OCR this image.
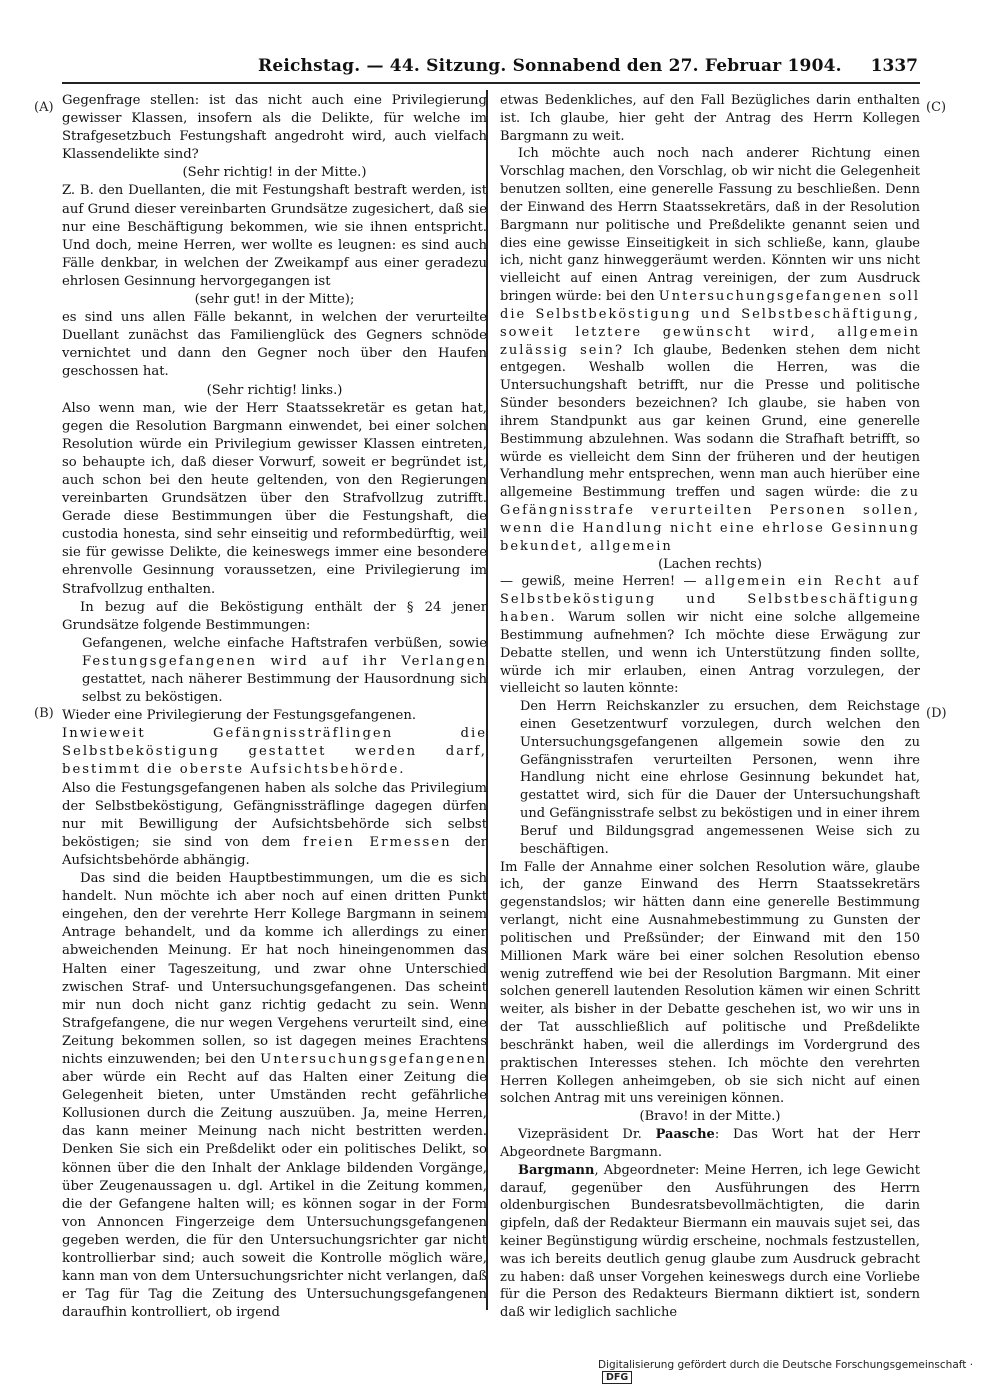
Reichstag. — 44. Sitzung. Sonnabend den 27. Februar 1904. 1337
(A)
(B)
(C)
(D)

Gegenfrage stellen: ist das nicht auch eine Privilegierung gewisser Klassen, insofern als die Delikte, für welche im Strafgesetzbuch Festungshaft angedroht wird, auch vielfach Klassendelikte sind?

(Sehr richtig! in der Mitte.)

Z. B. den Duellanten, die mit Festungshaft bestraft werden, ist auf Grund dieser vereinbarten Grundsätze zugesichert, daß sie nur eine Beschäftigung bekommen, wie sie ihnen entspricht. Und doch, meine Herren, wer wollte es leugnen: es sind auch Fälle denkbar, in welchen der Zweikampf aus einer geradezu ehrlosen Gesinnung hervorgegangen ist

(sehr gut! in der Mitte);

es sind uns allen Fälle bekannt, in welchen der verurteilte Duellant zunächst das Familienglück des Gegners schnöde vernichtet und dann den Gegner noch über den Haufen geschossen hat.

(Sehr richtig! links.)

Also wenn man, wie der Herr Staatssekretär es getan hat, gegen die Resolution Bargmann einwendet, bei einer solchen Resolution würde ein Privilegium gewisser Klassen eintreten, so behaupte ich, daß dieser Vorwurf, soweit er begründet ist, auch schon bei den heute geltenden, von den Regierungen vereinbarten Grundsätzen über den Strafvollzug zutrifft. Gerade diese Bestimmungen über die Festungshaft, die custodia honesta, sind sehr einseitig und reformbedürftig, weil sie für gewisse Delikte, die keineswegs immer eine besondere ehrenvolle Gesinnung voraussetzen, eine Privilegierung im Strafvollzug enthalten.

In bezug auf die Beköstigung enthält der § 24 jener Grundsätze folgende Bestimmungen:

Gefangenen, welche einfache Haftstrafen verbüßen, sowie Festungsgefangenen wird auf ihr Verlangen gestattet, nach näherer Bestimmung der Hausordnung sich selbst zu beköstigen.

Wieder eine Privilegierung der Festungsgefangenen.

Inwieweit Gefängnissträflingen die Selbstbeköstigung gestattet werden darf, bestimmt die oberste Aufsichtsbehörde.

Also die Festungsgefangenen haben als solche das Privilegium der Selbstbeköstigung, Gefängnissträflinge dagegen dürfen nur mit Bewilligung der Aufsichtsbehörde sich selbst beköstigen; sie sind von dem freien Ermessen der Aufsichtsbehörde abhängig.

Das sind die beiden Hauptbestimmungen, um die es sich handelt. Nun möchte ich aber noch auf einen dritten Punkt eingehen, den der verehrte Herr Kollege Bargmann in seinem Antrage behandelt, und da komme ich allerdings zu einer abweichenden Meinung. Er hat noch hineingenommen das Halten einer Tageszeitung, und zwar ohne Unterschied zwischen Straf- und Untersuchungsgefangenen. Das scheint mir nun doch nicht ganz richtig gedacht zu sein. Wenn Strafgefangene, die nur wegen Vergehens verurteilt sind, eine Zeitung bekommen sollen, so ist dagegen meines Erachtens nichts einzuwenden; bei den Untersuchungsgefangenen aber würde ein Recht auf das Halten einer Zeitung die Gelegenheit bieten, unter Umständen recht gefährliche Kollusionen durch die Zeitung auszuüben. Ja, meine Herren, das kann meiner Meinung nach nicht bestritten werden. Denken Sie sich ein Preßdelikt oder ein politisches Delikt, so können über die den Inhalt der Anklage bildenden Vorgänge, über Zeugenaussagen u. dgl. Artikel in die Zeitung kommen, die der Gefangene halten will; es können sogar in der Form von Annoncen Fingerzeige dem Untersuchungsgefangenen gegeben werden, die für den Untersuchungsrichter gar nicht kontrollierbar sind; auch soweit die Kontrolle möglich wäre, kann man von dem Untersuchungsrichter nicht verlangen, daß er Tag für Tag die Zeitung des Untersuchungsgefangenen daraufhin kontrolliert, ob irgend

etwas Bedenkliches, auf den Fall Bezügliches darin enthalten ist. Ich glaube, hier geht der Antrag des Herrn Kollegen Bargmann zu weit.

Ich möchte auch noch nach anderer Richtung einen Vorschlag machen, den Vorschlag, ob wir nicht die Gelegenheit benutzen sollten, eine generelle Fassung zu beschließen. Denn der Einwand des Herrn Staatssekretärs, daß in der Resolution Bargmann nur politische und Preßdelikte genannt seien und dies eine gewisse Einseitigkeit in sich schließe, kann, glaube ich, nicht ganz hinweggeräumt werden. Könnten wir uns nicht vielleicht auf einen Antrag vereinigen, der zum Ausdruck bringen würde: bei den Untersuchungsgefangenen soll die Selbstbeköstigung und Selbstbeschäftigung, soweit letztere gewünscht wird, allgemein zulässig sein? Ich glaube, Bedenken stehen dem nicht entgegen. Weshalb wollen die Herren, was die Untersuchungshaft betrifft, nur die Presse und politische Sünder besonders bezeichnen? Ich glaube, sie haben von ihrem Standpunkt aus gar keinen Grund, eine generelle Bestimmung abzulehnen. Was sodann die Strafhaft betrifft, so würde es vielleicht dem Sinn der früheren und der heutigen Verhandlung mehr entsprechen, wenn man auch hierüber eine allgemeine Bestimmung treffen und sagen würde: die zu Gefängnisstrafe verurteilten Personen sollen, wenn die Handlung nicht eine ehrlose Gesinnung bekundet, allgemein

(Lachen rechts)

— gewiß, meine Herren! — allgemein ein Recht auf Selbstbeköstigung und Selbstbeschäftigung haben. Warum sollen wir nicht eine solche allgemeine Bestimmung aufnehmen? Ich möchte diese Erwägung zur Debatte stellen, und wenn ich Unterstützung finden sollte, würde ich mir erlauben, einen Antrag vorzulegen, der vielleicht so lauten könnte:

Den Herrn Reichskanzler zu ersuchen, dem Reichstage einen Gesetzentwurf vorzulegen, durch welchen den Untersuchungsgefangenen allgemein sowie den zu Gefängnisstrafen verurteilten Personen, wenn ihre Handlung nicht eine ehrlose Gesinnung bekundet hat, gestattet wird, sich für die Dauer der Untersuchungshaft und Gefängnisstrafe selbst zu beköstigen und in einer ihrem Beruf und Bildungsgrad angemessenen Weise sich zu beschäftigen.

Im Falle der Annahme einer solchen Resolution wäre, glaube ich, der ganze Einwand des Herrn Staatssekretärs gegenstandslos; wir hätten dann eine generelle Bestimmung verlangt, nicht eine Ausnahmebestimmung zu Gunsten der politischen und Preßsünder; der Einwand mit den 150 Millionen Mark wäre bei einer solchen Resolution ebenso wenig zutreffend wie bei der Resolution Bargmann. Mit einer solchen generell lautenden Resolution kämen wir einen Schritt weiter, als bisher in der Debatte geschehen ist, wo wir uns in der Tat ausschließlich auf politische und Preßdelikte beschränkt haben, weil die allerdings im Vordergrund des praktischen Interesses stehen. Ich möchte den verehrten Herren Kollegen anheimgeben, ob sie sich nicht auf einen solchen Antrag mit uns vereinigen können.

(Bravo! in der Mitte.)

Vizepräsident Dr. Paasche: Das Wort hat der Herr Abgeordnete Bargmann.

Bargmann, Abgeordneter: Meine Herren, ich lege Gewicht darauf, gegenüber den Ausführungen des Herrn oldenburgischen Bundesratsbevollmächtigten, die darin gipfeln, daß der Redakteur Biermann ein mauvais sujet sei, das keiner Begünstigung würdig erscheine, nochmals festzustellen, was ich bereits deutlich genug glaube zum Ausdruck gebracht zu haben: daß unser Vorgehen keineswegs durch eine Vorliebe für die Person des Redakteurs Biermann diktiert ist, sondern daß wir lediglich sachliche

Digitalisierung gefördert durch die Deutsche Forschungsgemeinschaft ·DFG
